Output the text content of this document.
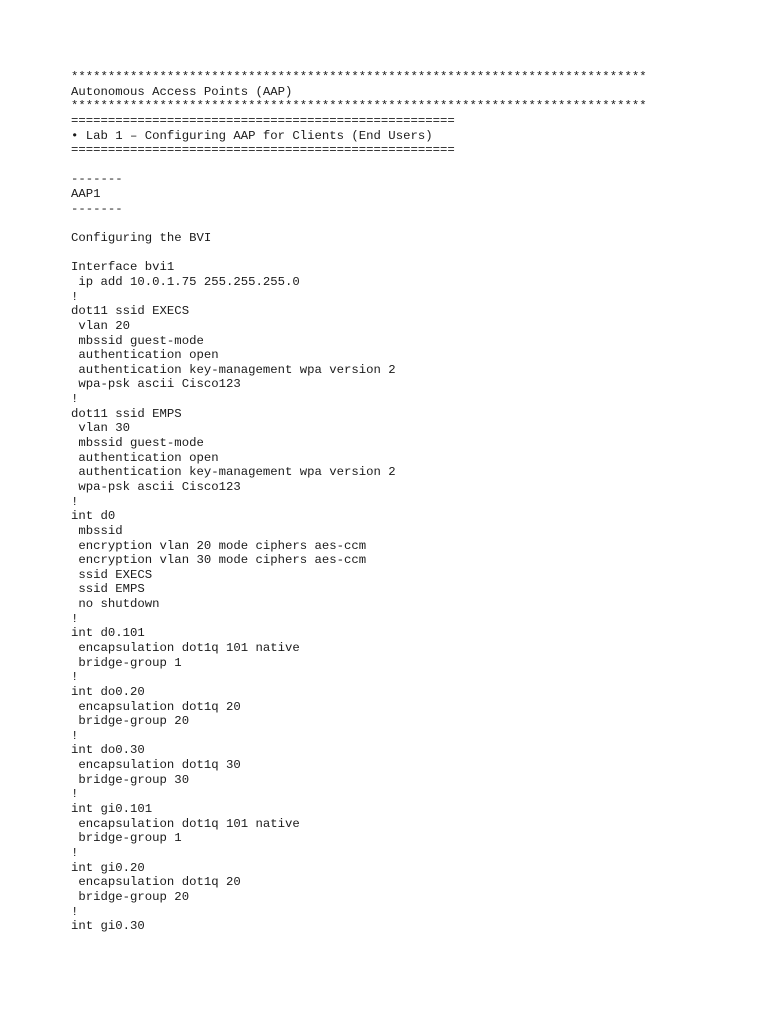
******************************************************************************
Autonomous Access Points (AAP)
******************************************************************************
====================================================
• Lab 1 – Configuring AAP for Clients (End Users)
====================================================
-------
AAP1
-------
Configuring the BVI
Interface bvi1
ip add 10.0.1.75 255.255.255.0
!
dot11 ssid EXECS
vlan 20
mbssid guest-mode
authentication open
authentication key-management wpa version 2
wpa-psk ascii Cisco123
!
dot11 ssid EMPS
vlan 30
mbssid guest-mode
authentication open
authentication key-management wpa version 2
wpa-psk ascii Cisco123
!
int d0
mbssid
encryption vlan 20 mode ciphers aes-ccm
encryption vlan 30 mode ciphers aes-ccm
ssid EXECS
ssid EMPS
no shutdown
!
int d0.101
encapsulation dot1q 101 native
bridge-group 1
!
int do0.20
encapsulation dot1q 20
bridge-group 20
!
int do0.30
encapsulation dot1q 30
bridge-group 30
!
int gi0.101
encapsulation dot1q 101 native
bridge-group 1
!
int gi0.20
encapsulation dot1q 20
bridge-group 20
!
int gi0.30
